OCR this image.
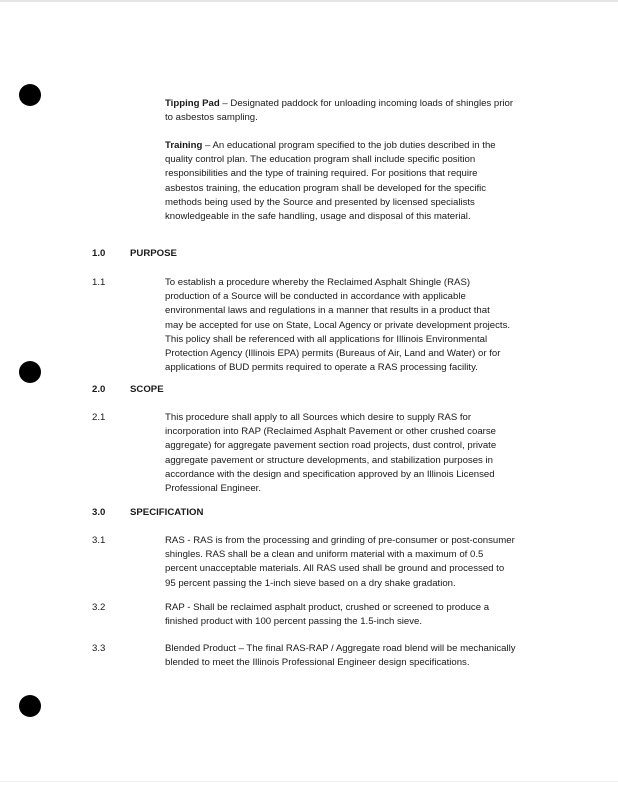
Tipping Pad – Designated paddock for unloading incoming loads of shingles prior
to asbestos sampling.
Training – An educational program specified to the job duties described in the
quality control plan. The education program shall include specific position
responsibilities and the type of training required. For positions that require
asbestos training, the education program shall be developed for the specific
methods being used by the Source and presented by licensed specialists
knowledgeable in the safe handling, usage and disposal of this material.
1.0	PURPOSE
1.1	To establish a procedure whereby the Reclaimed Asphalt Shingle (RAS)
production of a Source will be conducted in accordance with applicable
environmental laws and regulations in a manner that results in a product that
may be accepted for use on State, Local Agency or private development projects.
This policy shall be referenced with all applications for Illinois Environmental
Protection Agency (Illinois EPA) permits (Bureaus of Air, Land and Water) or for
applications of BUD permits required to operate a RAS processing facility.
2.0	SCOPE
2.1	This procedure shall apply to all Sources which desire to supply RAS for
incorporation into RAP (Reclaimed Asphalt Pavement or other crushed coarse
aggregate) for aggregate pavement section road projects, dust control, private
aggregate pavement or structure developments, and stabilization purposes in
accordance with the design and specification approved by an Illinois Licensed
Professional Engineer.
3.0	SPECIFICATION
3.1	RAS - RAS is from the processing and grinding of pre-consumer or post-consumer
shingles. RAS shall be a clean and uniform material with a maximum of 0.5
percent unacceptable materials. All RAS used shall be ground and processed to
95 percent passing the 1-inch sieve based on a dry shake gradation.
3.2	RAP - Shall be reclaimed asphalt product, crushed or screened to produce a
finished product with 100 percent passing the 1.5-inch sieve.
3.3	Blended Product – The final RAS-RAP / Aggregate road blend will be mechanically
blended to meet the Illinois Professional Engineer design specifications.
